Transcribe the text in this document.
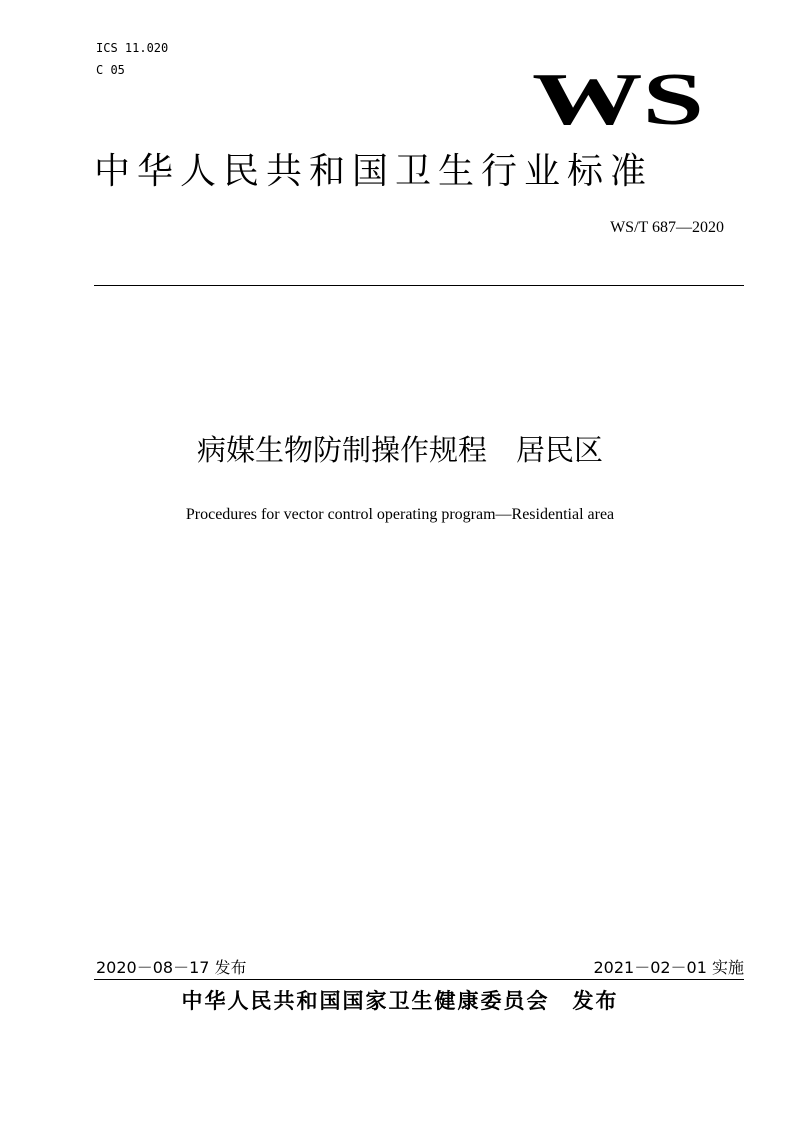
ICS 11.020
C 05	WS
中华人民共和国卫生行业标准
WS/T 687—2020
病媒生物防制操作规程　居民区
Procedures for vector control operating program—Residential area
2020－08－17 发布	2021－02－01 实施
中华人民共和国国家卫生健康委员会　发布
